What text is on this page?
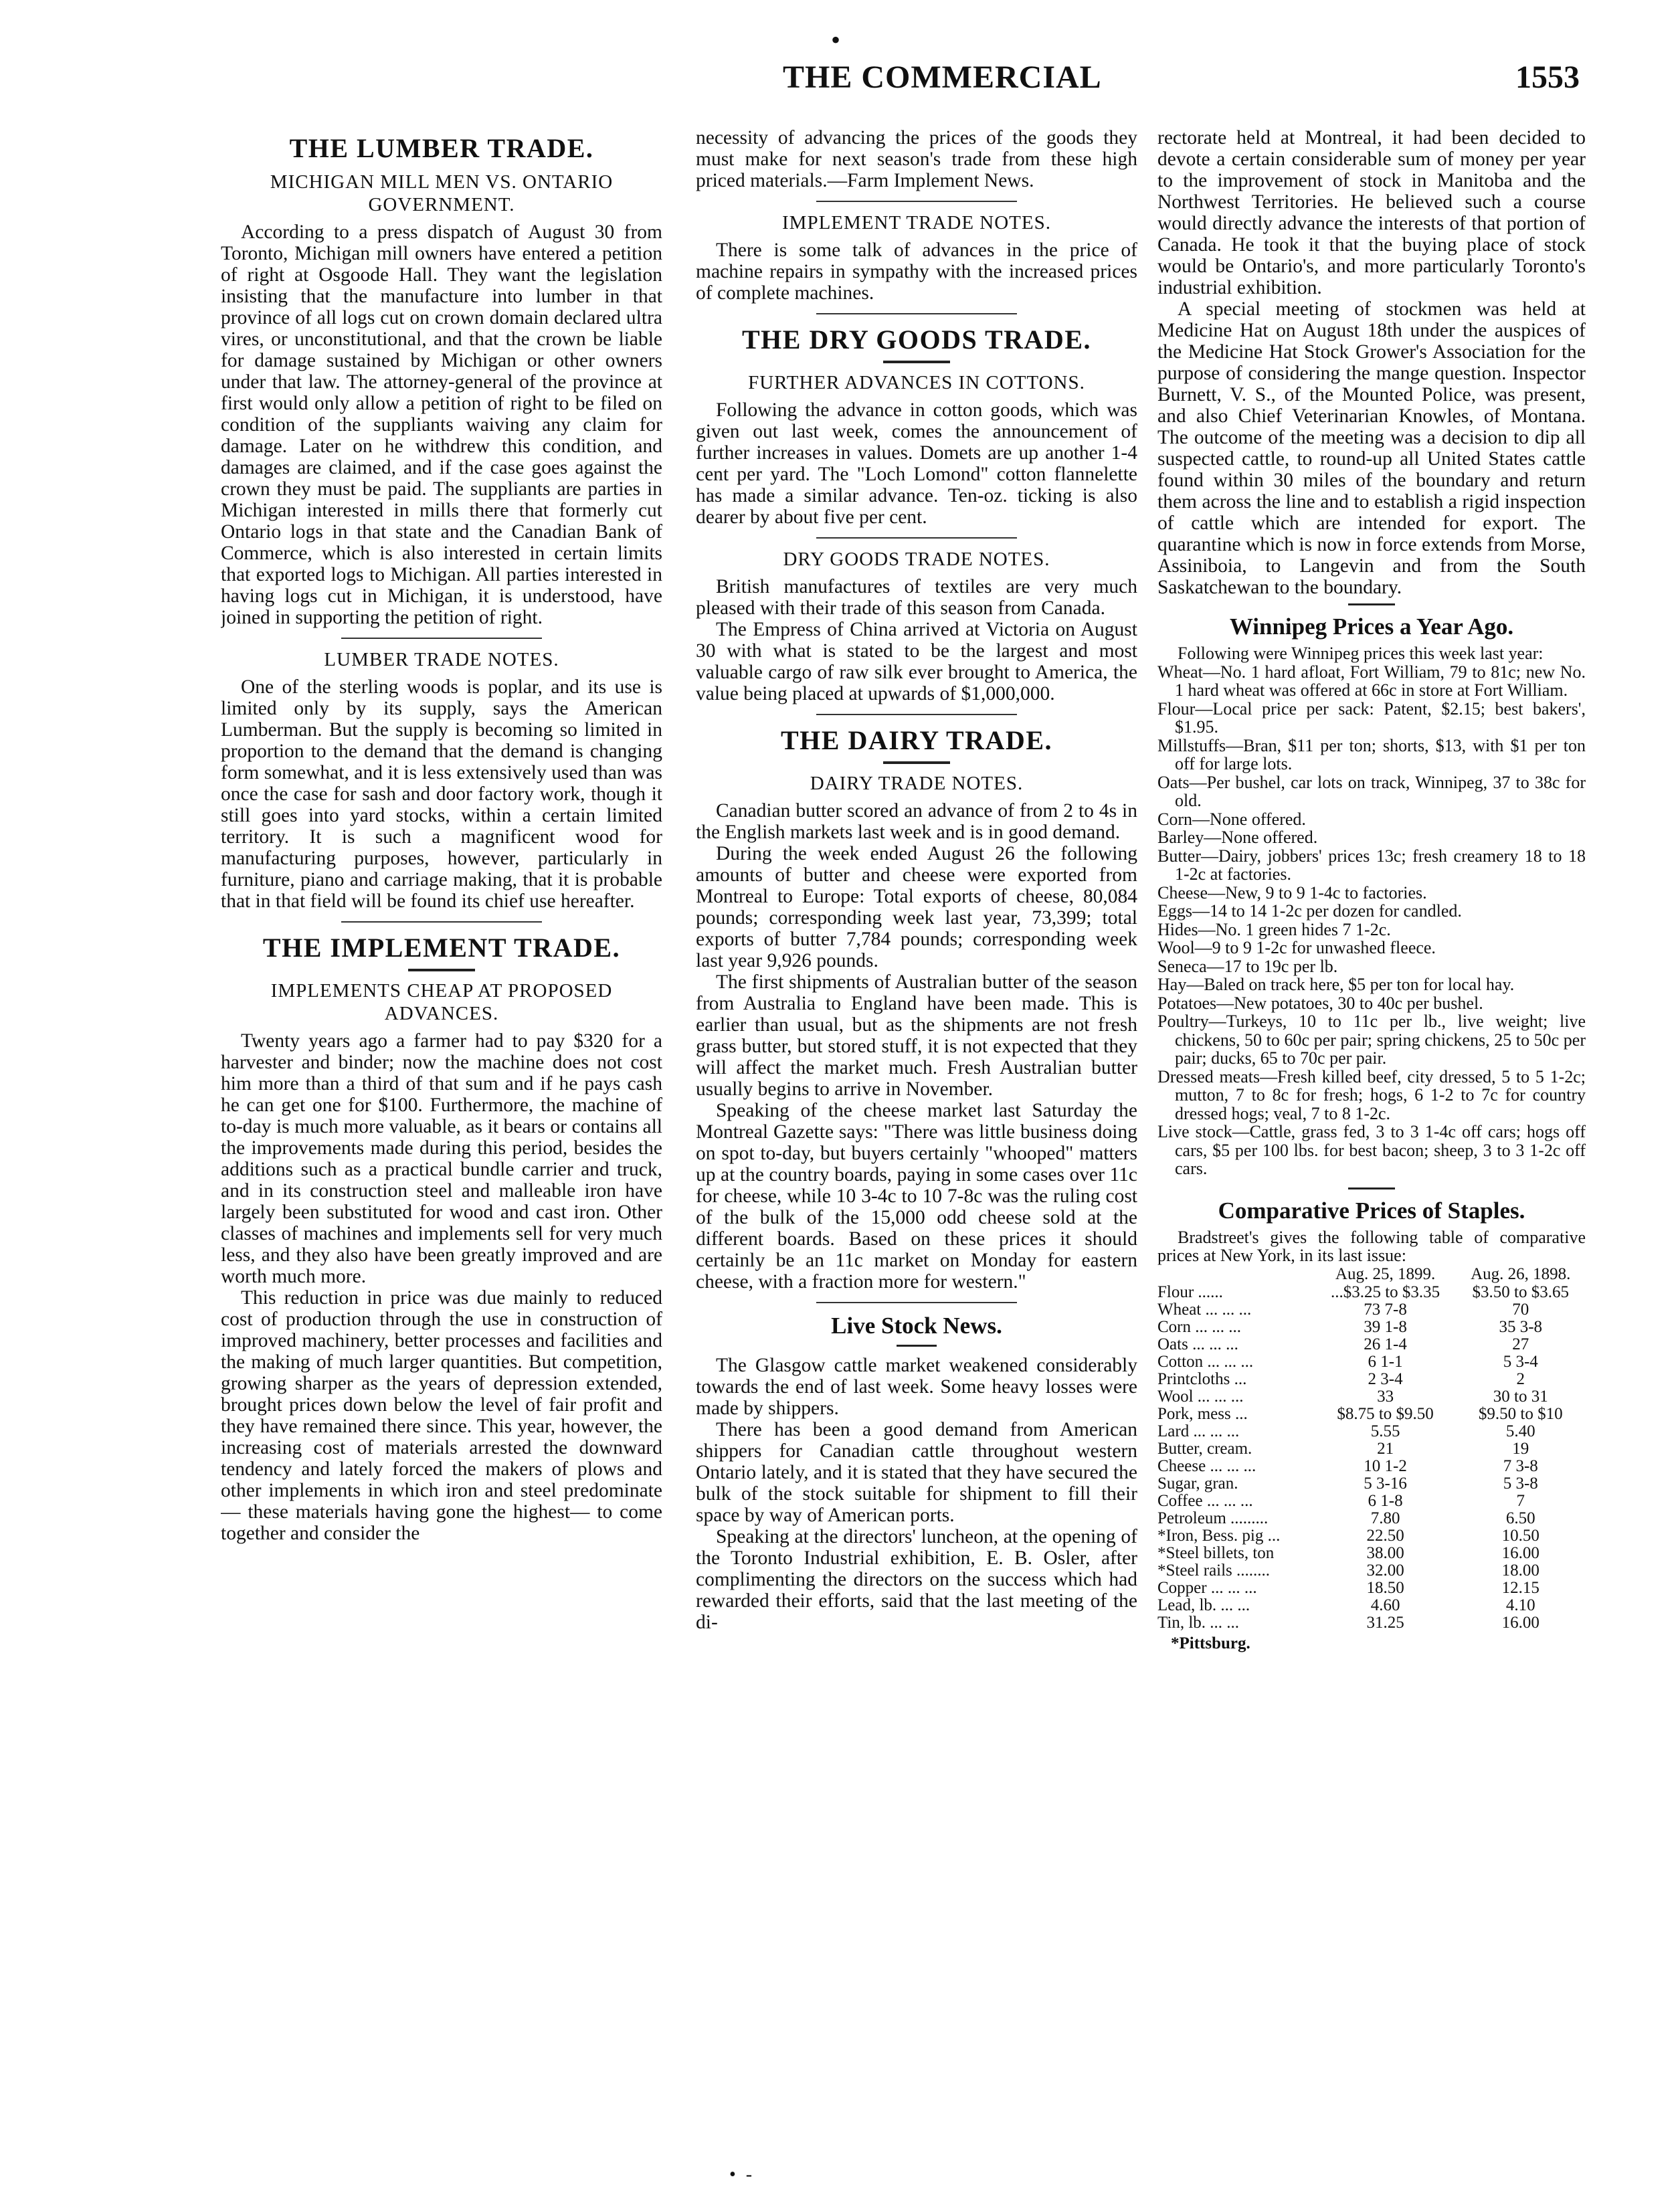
•
THE COMMERCIAL	1553
THE LUMBER TRADE.
MICHIGAN MILL MEN VS. ONTARIO GOVERNMENT.

According to a press dispatch of August 30 from Toronto, Michigan mill owners have entered a petition of right at Osgoode Hall. They want the legislation insisting that the manufacture into lumber in that province of all logs cut on crown domain declared ultra vires, or unconstitutional, and that the crown be liable for damage sustained by Michigan or other owners under that law. The attorney-general of the province at first would only allow a petition of right to be filed on condition of the suppliants waiving any claim for damage. Later on he withdrew this condition, and damages are claimed, and if the case goes against the crown they must be paid. The suppliants are parties in Michigan interested in mills there that formerly cut Ontario logs in that state and the Canadian Bank of Commerce, which is also interested in certain limits that exported logs to Michigan. All parties interested in having logs cut in Michigan, it is understood, have joined in supporting the petition of right.

LUMBER TRADE NOTES.

One of the sterling woods is poplar, and its use is limited only by its supply, says the American Lumberman. But the supply is becoming so limited in proportion to the demand that the demand is changing form somewhat, and it is less extensively used than was once the case for sash and door factory work, though it still goes into yard stocks, within a certain limited territory. It is such a magnificent wood for manufacturing purposes, however, particularly in furniture, piano and carriage making, that it is probable that in that field will be found its chief use hereafter.

THE IMPLEMENT TRADE.
IMPLEMENTS CHEAP AT PROPOSED ADVANCES.

Twenty years ago a farmer had to pay $320 for a harvester and binder; now the machine does not cost him more than a third of that sum and if he pays cash he can get one for $100. Furthermore, the machine of to-day is much more valuable, as it bears or contains all the improvements made during this period, besides the additions such as a practical bundle carrier and truck, and in its construction steel and malleable iron have largely been substituted for wood and cast iron. Other classes of machines and implements sell for very much less, and they also have been greatly improved and are worth much more.

This reduction in price was due mainly to reduced cost of production through the use in construction of improved machinery, better processes and facilities and the making of much larger quantities. But competition, growing sharper as the years of depression extended, brought prices down below the level of fair profit and they have remained there since. This year, however, the increasing cost of materials arrested the downward tendency and lately forced the makers of plows and other implements in which iron and steel predominate — these materials having gone the highest— to come together and consider the

necessity of advancing the prices of the goods they must make for next season's trade from these high priced materials.—Farm Implement News.

IMPLEMENT TRADE NOTES.

There is some talk of advances in the price of machine repairs in sympathy with the increased prices of complete machines.

THE DRY GOODS TRADE.
FURTHER ADVANCES IN COTTONS.

Following the advance in cotton goods, which was given out last week, comes the announcement of further increases in values. Domets are up another 1-4 cent per yard. The "Loch Lomond" cotton flannelette has made a similar advance. Ten-oz. ticking is also dearer by about five per cent.

DRY GOODS TRADE NOTES.

British manufactures of textiles are very much pleased with their trade of this season from Canada.

The Empress of China arrived at Victoria on August 30 with what is stated to be the largest and most valuable cargo of raw silk ever brought to America, the value being placed at upwards of $1,000,000.

THE DAIRY TRADE.
DAIRY TRADE NOTES.

Canadian butter scored an advance of from 2 to 4s in the English markets last week and is in good demand.

During the week ended August 26 the following amounts of butter and cheese were exported from Montreal to Europe: Total exports of cheese, 80,084 pounds; corresponding week last year, 73,399; total exports of butter 7,784 pounds; corresponding week last year 9,926 pounds.

The first shipments of Australian butter of the season from Australia to England have been made. This is earlier than usual, but as the shipments are not fresh grass butter, but stored stuff, it is not expected that they will affect the market much. Fresh Australian butter usually begins to arrive in November.

Speaking of the cheese market last Saturday the Montreal Gazette says: "There was little business doing on spot to-day, but buyers certainly "whooped" matters up at the country boards, paying in some cases over 11c for cheese, while 10 3-4c to 10 7-8c was the ruling cost of the bulk of the 15,000 odd cheese sold at the different boards. Based on these prices it should certainly be an 11c market on Monday for eastern cheese, with a fraction more for western."

Live Stock News.

The Glasgow cattle market weakened considerably towards the end of last week. Some heavy losses were made by shippers.

There has been a good demand from American shippers for Canadian cattle throughout western Ontario lately, and it is stated that they have secured the bulk of the stock suitable for shipment to fill their space by way of American ports.

Speaking at the directors' luncheon, at the opening of the Toronto Industrial exhibition, E. B. Osler, after complimenting the directors on the success which had rewarded their efforts, said that the last meeting of the di-

rectorate held at Montreal, it had been decided to devote a certain considerable sum of money per year to the improvement of stock in Manitoba and the Northwest Territories. He believed such a course would directly advance the interests of that portion of Canada. He took it that the buying place of stock would be Ontario's, and more particularly Toronto's industrial exhibition.

A special meeting of stockmen was held at Medicine Hat on August 18th under the auspices of the Medicine Hat Stock Grower's Association for the purpose of considering the mange question. Inspector Burnett, V. S., of the Mounted Police, was present, and also Chief Veterinarian Knowles, of Montana. The outcome of the meeting was a decision to dip all suspected cattle, to round-up all United States cattle found within 30 miles of the boundary and return them across the line and to establish a rigid inspection of cattle which are intended for export. The quarantine which is now in force extends from Morse, Assiniboia, to Langevin and from the South Saskatchewan to the boundary.

Winnipeg Prices a Year Ago.

Following were Winnipeg prices this week last year:

Wheat—No. 1 hard afloat, Fort William, 79 to 81c; new No. 1 hard wheat was offered at 66c in store at Fort William.

Flour—Local price per sack: Patent, $2.15; best bakers', $1.95.

Millstuffs—Bran, $11 per ton; shorts, $13, with $1 per ton off for large lots.

Oats—Per bushel, car lots on track, Winnipeg, 37 to 38c for old.

Corn—None offered.

Barley—None offered.

Butter—Dairy, jobbers' prices 13c; fresh creamery 18 to 18 1-2c at factories.

Cheese—New, 9 to 9 1-4c to factories.

Eggs—14 to 14 1-2c per dozen for candled.

Hides—No. 1 green hides 7 1-2c.

Wool—9 to 9 1-2c for unwashed fleece.

Seneca—17 to 19c per lb.

Hay—Baled on track here, $5 per ton for local hay.

Potatoes—New potatoes, 30 to 40c per bushel.

Poultry—Turkeys, 10 to 11c per lb., live weight; live chickens, 50 to 60c per pair; spring chickens, 25 to 50c per pair; ducks, 65 to 70c per pair.

Dressed meats—Fresh killed beef, city dressed, 5 to 5 1-2c; mutton, 7 to 8c for fresh; hogs, 6 1-2 to 7c for country dressed hogs; veal, 7 to 8 1-2c.

Live stock—Cattle, grass fed, 3 to 3 1-4c off cars; hogs off cars, $5 per 100 lbs. for best bacon; sheep, 3 to 3 1-2c off cars.

Comparative Prices of Staples.

Bradstreet's gives the following table of comparative prices at New York, in its last issue:

	Aug. 25, 1899.	Aug. 26, 1898.
Flour ......	...$3.25 to $3.35	$3.50 to $3.65
Wheat ... ... ...	73 7-8	70
Corn ... ... ...	39 1-8	35 3-8
Oats ... ... ...	26 1-4	27
Cotton ... ... ...	6 1-1	5 3-4
Printcloths ...	2 3-4	2
Wool ... ... ...	33	30 to 31
Pork, mess ...	$8.75 to $9.50	$9.50 to $10
Lard ... ... ...	5.55	5.40
Butter, cream.	21	19
Cheese ... ... ...	10 1-2	7 3-8
Sugar, gran.	5 3-16	5 3-8
Coffee ... ... ...	6 1-8	7
Petroleum .........	7.80	6.50
*Iron, Bess. pig ...	22.50	10.50
*Steel billets, ton	38.00	16.00
*Steel rails ........	32.00	18.00
Copper ... ... ...	18.50	12.15
Lead, lb. ... ...	4.60	4.10
Tin, lb. ... ...	31.25	16.00
*Pittsburg.
• -
